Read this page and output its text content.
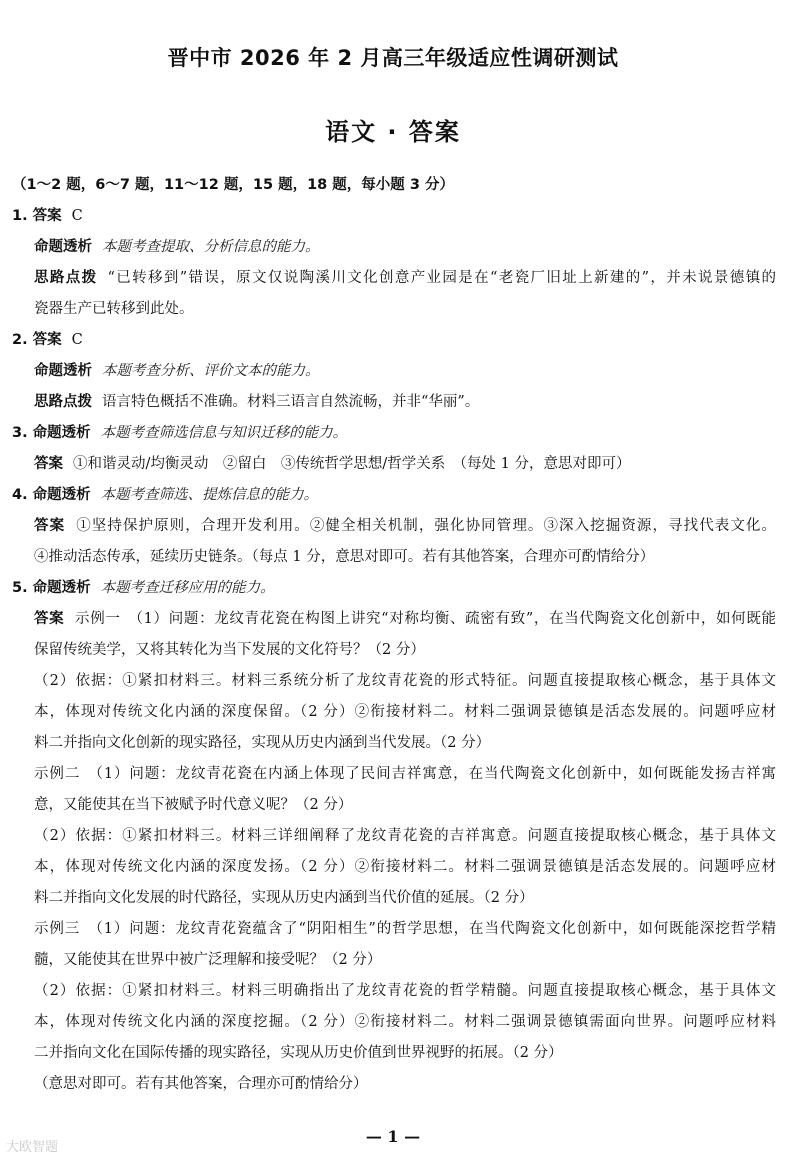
晋中市 2026 年 2 月高三年级适应性调研测试
语文 · 答案
（1～2 题，6～7 题，11～12 题，15 题，18 题，每小题 3 分）
1. 答案 C
命题透析 本题考查提取、分析信息的能力。
思路点拨 “已转移到”错误，原文仅说陶溪川文化创意产业园是在“老瓷厂旧址上新建的”，并未说景德镇的
瓷器生产已转移到此处。
2. 答案 C
命题透析 本题考查分析、评价文本的能力。
思路点拨 语言特色概括不准确。材料三语言自然流畅，并非“华丽”。
3. 命题透析 本题考查筛选信息与知识迁移的能力。
答案 ①和谐灵动/均衡灵动　②留白　③传统哲学思想/哲学关系　（每处 1 分，意思对即可）
4. 命题透析 本题考查筛选、提炼信息的能力。
答案 ①坚持保护原则，合理开发利用。②健全相关机制，强化协同管理。③深入挖掘资源，寻找代表文化。
④推动活态传承，延续历史链条。（每点 1 分，意思对即可。若有其他答案，合理亦可酌情给分）
5. 命题透析 本题考查迁移应用的能力。
答案 示例一　（1）问题：龙纹青花瓷在构图上讲究“对称均衡、疏密有致”，在当代陶瓷文化创新中，如何既能
保留传统美学，又将其转化为当下发展的文化符号？（2 分）
（2）依据：①紧扣材料三。材料三系统分析了龙纹青花瓷的形式特征。问题直接提取核心概念，基于具体文
本，体现对传统文化内涵的深度保留。（2 分）②衔接材料二。材料二强调景德镇是活态发展的。问题呼应材
料二并指向文化创新的现实路径，实现从历史内涵到当代发展。（2 分）
示例二　（1）问题：龙纹青花瓷在内涵上体现了民间吉祥寓意，在当代陶瓷文化创新中，如何既能发扬吉祥寓
意，又能使其在当下被赋予时代意义呢？（2 分）
（2）依据：①紧扣材料三。材料三详细阐释了龙纹青花瓷的吉祥寓意。问题直接提取核心概念，基于具体文
本，体现对传统文化内涵的深度发扬。（2 分）②衔接材料二。材料二强调景德镇是活态发展的。问题呼应材
料二并指向文化发展的时代路径，实现从历史内涵到当代价值的延展。（2 分）
示例三　（1）问题：龙纹青花瓷蕴含了“阴阳相生”的哲学思想，在当代陶瓷文化创新中，如何既能深挖哲学精
髓，又能使其在世界中被广泛理解和接受呢？（2 分）
（2）依据：①紧扣材料三。材料三明确指出了龙纹青花瓷的哲学精髓。问题直接提取核心概念，基于具体文
本，体现对传统文化内涵的深度挖掘。（2 分）②衔接材料二。材料二强调景德镇需面向世界。问题呼应材料
二并指向文化在国际传播的现实路径，实现从历史价值到世界视野的拓展。（2 分）
（意思对即可。若有其他答案，合理亦可酌情给分）
— 1 —
大欧智题
